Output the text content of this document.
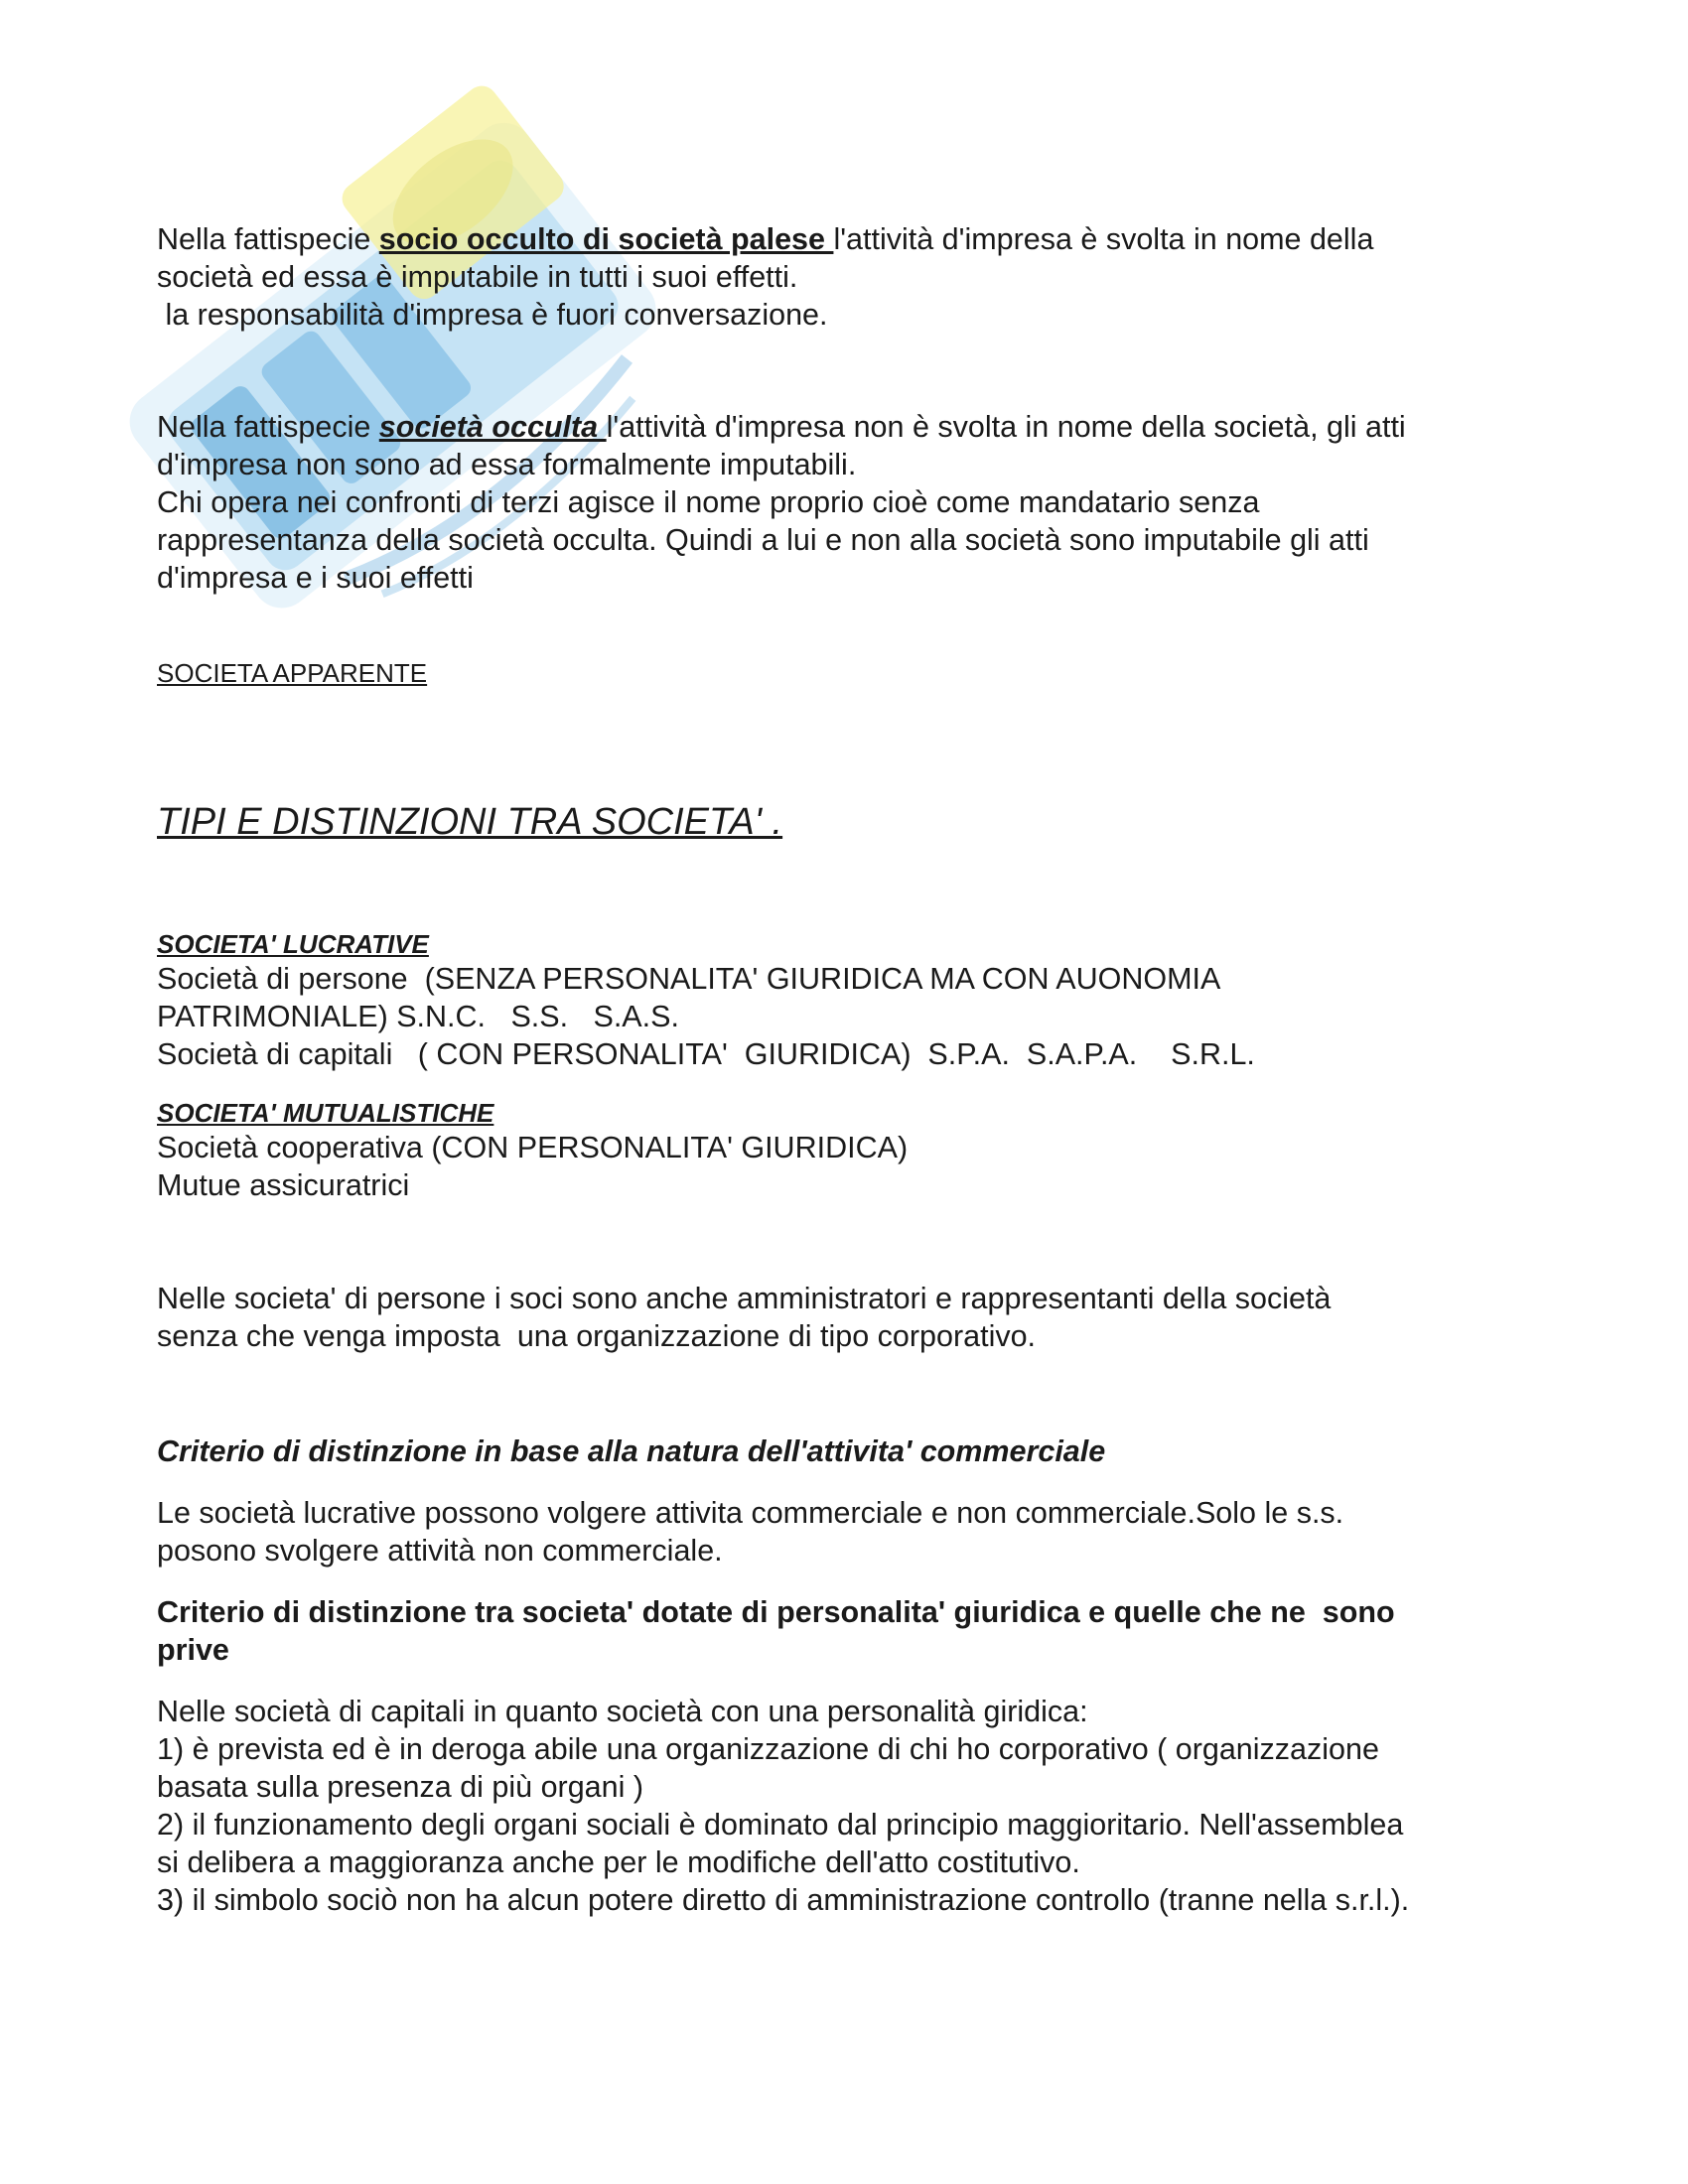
Nella fattispecie socio occulto di società palese l'attività d'impresa è svolta in nome della

società ed essa è imputabile in tutti i suoi effetti.

la responsabilità d'impresa è fuori conversazione.

Nella fattispecie società occulta l'attività d'impresa non è svolta in nome della società, gli atti

d'impresa non sono ad essa formalmente imputabili.

Chi opera nei confronti di terzi agisce il nome proprio cioè come mandatario senza

rappresentanza della società occulta. Quindi a lui e non alla società sono imputabile gli atti

d'impresa e i suoi effetti

SOCIETA APPARENTE

TIPI E DISTINZIONI TRA SOCIETA' .

SOCIETA' LUCRATIVE

Società di persone  (SENZA PERSONALITA' GIURIDICA MA CON AUONOMIA

PATRIMONIALE) S.N.C.   S.S.   S.A.S.

Società di capitali   ( CON PERSONALITA'  GIURIDICA)  S.P.A.  S.A.P.A.    S.R.L.

SOCIETA' MUTUALISTICHE

Società cooperativa (CON PERSONALITA' GIURIDICA)

Mutue assicuratrici

Nelle societa' di persone i soci sono anche amministratori e rappresentanti della società

senza che venga imposta  una organizzazione di tipo corporativo.

Criterio di distinzione in base alla natura dell'attivita' commerciale

Le società lucrative possono volgere attivita commerciale e non commerciale.Solo le s.s.

posono svolgere attività non commerciale.

Criterio di distinzione tra societa' dotate di personalita' giuridica e quelle che ne  sono

prive

Nelle società di capitali in quanto società con una personalità giridica:

1) è prevista ed è in deroga abile una organizzazione di chi ho corporativo ( organizzazione

basata sulla presenza di più organi )

2) il funzionamento degli organi sociali è dominato dal principio maggioritario. Nell'assemblea

si delibera a maggioranza anche per le modifiche dell'atto costitutivo.

3) il simbolo sociò non ha alcun potere diretto di amministrazione controllo (tranne nella s.r.l.).
